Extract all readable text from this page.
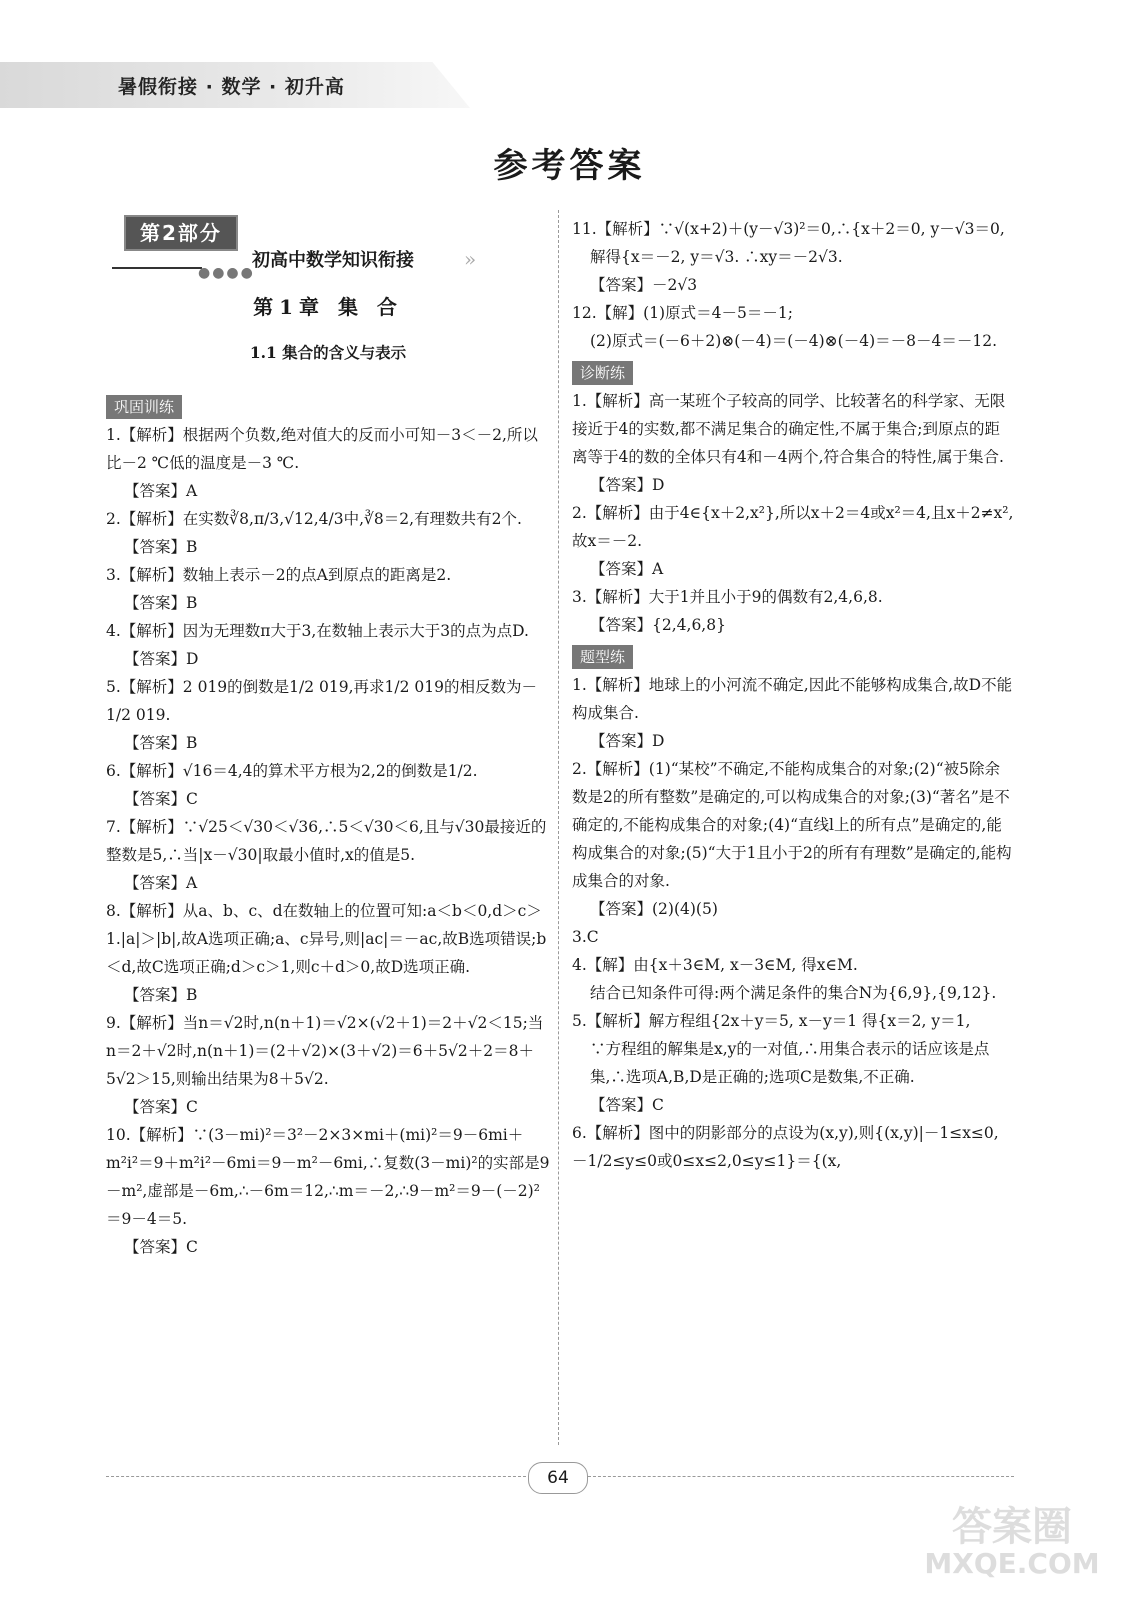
暑假衔接 · 数学 · 初升高
参考答案
第2部分
●●●●
初高中数学知识衔接	»
第1章 集 合
1.1 集合的含义与表示
巩固训练
1.【解析】根据两个负数,绝对值大的反而小可知－3＜－2,所以比－2 ℃低的温度是－3 ℃.
【答案】A
2.【解析】在实数∛8,π/3,√12,4/3中,∛8＝2,有理数共有2个.
【答案】B
3.【解析】数轴上表示－2的点A到原点的距离是2.
【答案】B
4.【解析】因为无理数π大于3,在数轴上表示大于3的点为点D.
【答案】D
5.【解析】2 019的倒数是1/2 019,再求1/2 019的相反数为－1/2 019.
【答案】B
6.【解析】√16＝4,4的算术平方根为2,2的倒数是1/2.
【答案】C
7.【解析】∵√25＜√30＜√36,∴5＜√30＜6,且与√30最接近的整数是5,∴当|x－√30|取最小值时,x的值是5.
【答案】A
8.【解析】从a、b、c、d在数轴上的位置可知:a＜b＜0,d＞c＞1.|a|＞|b|,故A选项正确;a、c异号,则|ac|＝－ac,故B选项错误;b＜d,故C选项正确;d＞c＞1,则c＋d＞0,故D选项正确.
【答案】B
9.【解析】当n＝√2时,n(n＋1)＝√2×(√2＋1)＝2＋√2＜15;当n＝2＋√2时,n(n＋1)＝(2＋√2)×(3＋√2)＝6＋5√2＋2＝8＋5√2＞15,则输出结果为8＋5√2.
【答案】C
10.【解析】∵(3－mi)²＝3²－2×3×mi＋(mi)²＝9－6mi＋m²i²＝9＋m²i²－6mi＝9－m²－6mi,∴复数(3－mi)²的实部是9－m²,虚部是－6m,∴－6m＝12,∴m＝－2,∴9－m²＝9－(－2)²＝9－4＝5.
【答案】C
11.【解析】∵√(x+2)＋(y－√3)²＝0,∴{x＋2＝0, y－√3＝0,
解得{x＝－2, y＝√3. ∴xy＝－2√3.
【答案】－2√3
12.【解】(1)原式＝4－5＝－1;
(2)原式＝(－6＋2)⊗(－4)＝(－4)⊗(－4)＝－8－4＝－12.
诊断练
1.【解析】高一某班个子较高的同学、比较著名的科学家、无限接近于4的实数,都不满足集合的确定性,不属于集合;到原点的距离等于4的数的全体只有4和－4两个,符合集合的特性,属于集合.
【答案】D
2.【解析】由于4∈{x＋2,x²},所以x＋2＝4或x²＝4,且x＋2≠x²,故x＝－2.
【答案】A
3.【解析】大于1并且小于9的偶数有2,4,6,8.
【答案】{2,4,6,8}
题型练
1.【解析】地球上的小河流不确定,因此不能够构成集合,故D不能构成集合.
【答案】D
2.【解析】(1)“某校”不确定,不能构成集合的对象;(2)“被5除余数是2的所有整数”是确定的,可以构成集合的对象;(3)“著名”是不确定的,不能构成集合的对象;(4)“直线l上的所有点”是确定的,能构成集合的对象;(5)“大于1且小于2的所有有理数”是确定的,能构成集合的对象.
【答案】(2)(4)(5)
3.C
4.【解】由{x＋3∈M, x－3∈M, 得x∈M.
结合已知条件可得:两个满足条件的集合N为{6,9},{9,12}.
5.【解析】解方程组{2x＋y＝5, x－y＝1 得{x＝2, y＝1,
∵方程组的解集是x,y的一对值,∴用集合表示的话应该是点集,∴选项A,B,D是正确的;选项C是数集,不正确.
【答案】C
6.【解析】图中的阴影部分的点设为(x,y),则{(x,y)|－1≤x≤0,－1/2≤y≤0或0≤x≤2,0≤y≤1}＝{(x,
64
答案圈
MXQE.COM
